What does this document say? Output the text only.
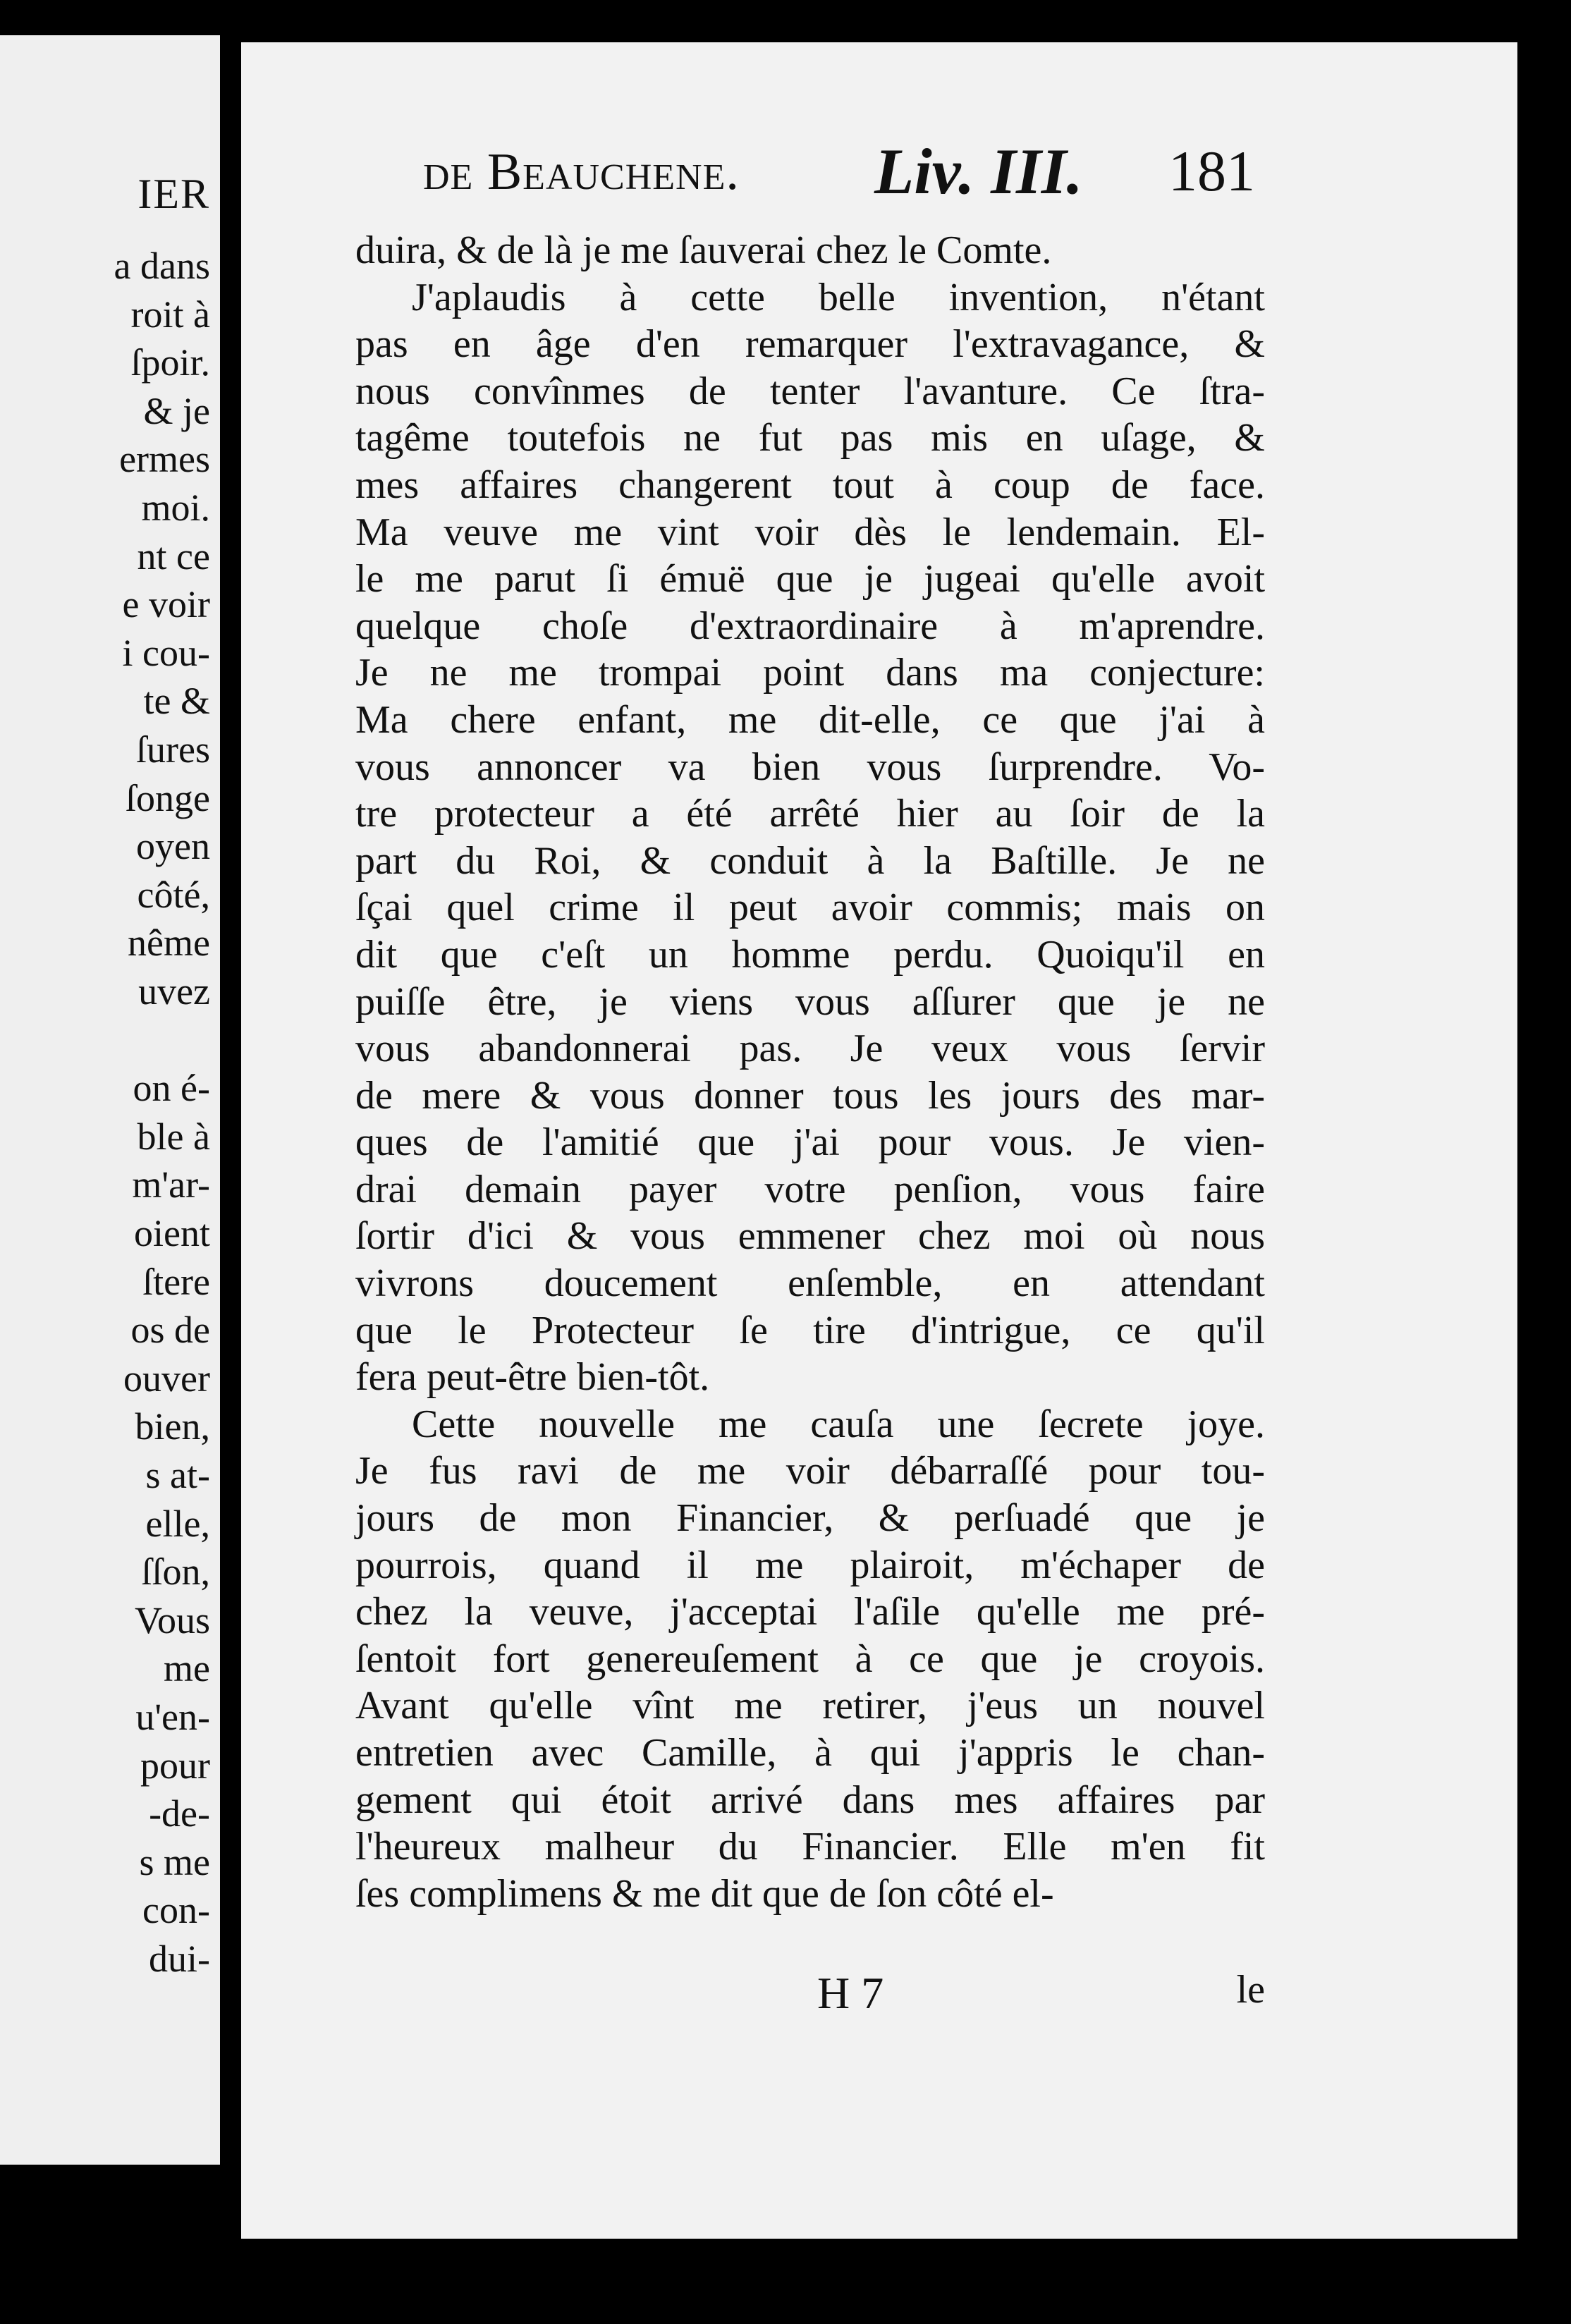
IER
a dans
roit à
ſpoir.
& je
ermes
moi.
nt ce
e voir
i cou-
te &
ſures
ſonge
oyen
côté,
nême
uvez
on é-
ble à
m'ar-
oient
ſtere
os de
ouver
bien,
s at-
elle,
ſſon,
Vous
me
u'en-
pour
-de-
s me
con-
dui-
de Beauchene. Liv. III. 181
duira, & de là je me ſauverai chez le Comte.
J'aplaudis à cette belle invention, n'étant
pas en âge d'en remarquer l'extravagance, &
nous convînmes de tenter l'avanture. Ce ſtra-
tagême toutefois ne fut pas mis en uſage, &
mes affaires changerent tout à coup de face.
Ma veuve me vint voir dès le lendemain. El-
le me parut ſi émuë que je jugeai qu'elle avoit
quelque choſe d'extraordinaire à m'aprendre.
Je ne me trompai point dans ma conjecture:
Ma chere enfant, me dit-elle, ce que j'ai à
vous annoncer va bien vous ſurprendre. Vo-
tre protecteur a été arrêté hier au ſoir de la
part du Roi, & conduit à la Baſtille. Je ne
ſçai quel crime il peut avoir commis; mais on
dit que c'eſt un homme perdu. Quoiqu'il en
puiſſe être, je viens vous aſſurer que je ne
vous abandonnerai pas. Je veux vous ſervir
de mere & vous donner tous les jours des mar-
ques de l'amitié que j'ai pour vous. Je vien-
drai demain payer votre penſion, vous faire
ſortir d'ici & vous emmener chez moi où nous
vivrons doucement enſemble, en attendant
que le Protecteur ſe tire d'intrigue, ce qu'il
fera peut-être bien-tôt.
Cette nouvelle me cauſa une ſecrete joye.
Je fus ravi de me voir débarraſſé pour tou-
jours de mon Financier, & perſuadé que je
pourrois, quand il me plairoit, m'échaper de
chez la veuve, j'acceptai l'aſile qu'elle me pré-
ſentoit fort genereuſement à ce que je croyois.
Avant qu'elle vînt me retirer, j'eus un nouvel
entretien avec Camille, à qui j'appris le chan-
gement qui étoit arrivé dans mes affaires par
l'heureux malheur du Financier. Elle m'en fit
ſes complimens & me dit que de ſon côté el-
H 7	le
